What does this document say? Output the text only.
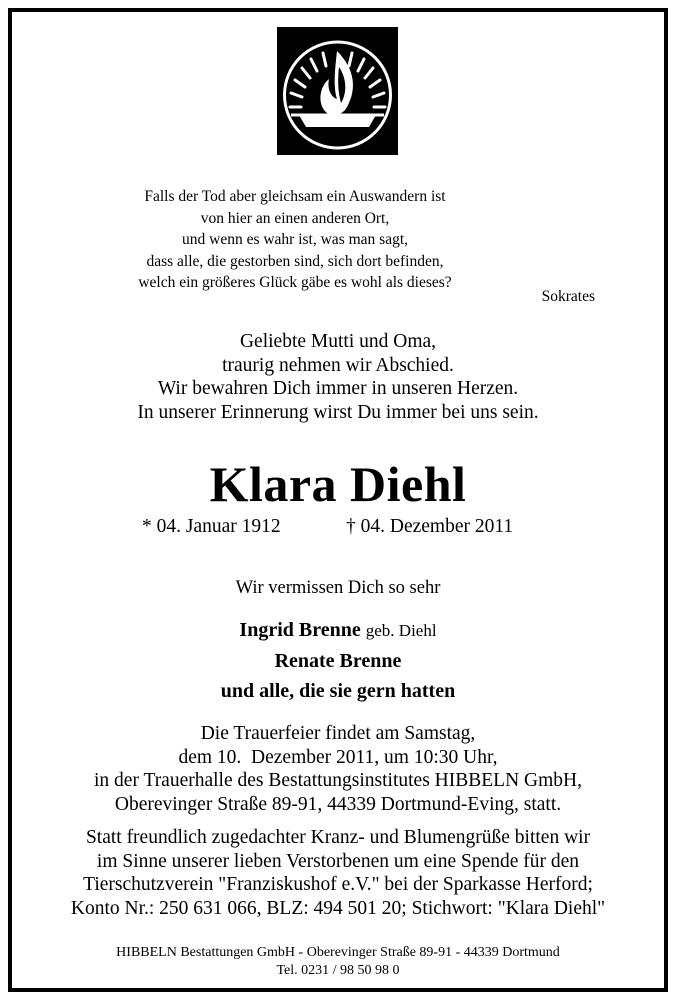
Falls der Tod aber gleichsam ein Auswandern ist
von hier an einen anderen Ort,
und wenn es wahr ist, was man sagt,
dass alle, die gestorben sind, sich dort befinden,
welch ein größeres Glück gäbe es wohl als dieses?
Sokrates
Geliebte Mutti und Oma,
traurig nehmen wir Abschied.
Wir bewahren Dich immer in unseren Herzen.
In unserer Erinnerung wirst Du immer bei uns sein.
Klara Diehl
* 04. Januar 1912	† 04. Dezember 2011
Wir vermissen Dich so sehr
Ingrid Brenne geb. Diehl
Renate Brenne
und alle, die sie gern hatten
Die Trauerfeier findet am Samstag,
dem 10.  Dezember 2011, um 10:30 Uhr,
in der Trauerhalle des Bestattungsinstitutes HIBBELN GmbH,
Oberevinger Straße 89-91, 44339 Dortmund-Eving, statt.
Statt freundlich zugedachter Kranz- und Blumengrüße bitten wir
im Sinne unserer lieben Verstorbenen um eine Spende für den
Tierschutzverein "Franziskushof e.V." bei der Sparkasse Herford;
Konto Nr.: 250 631 066, BLZ: 494 501 20; Stichwort: "Klara Diehl"
HIBBELN Bestattungen GmbH - Oberevinger Straße 89-91 - 44339 Dortmund
Tel. 0231 / 98 50 98 0
